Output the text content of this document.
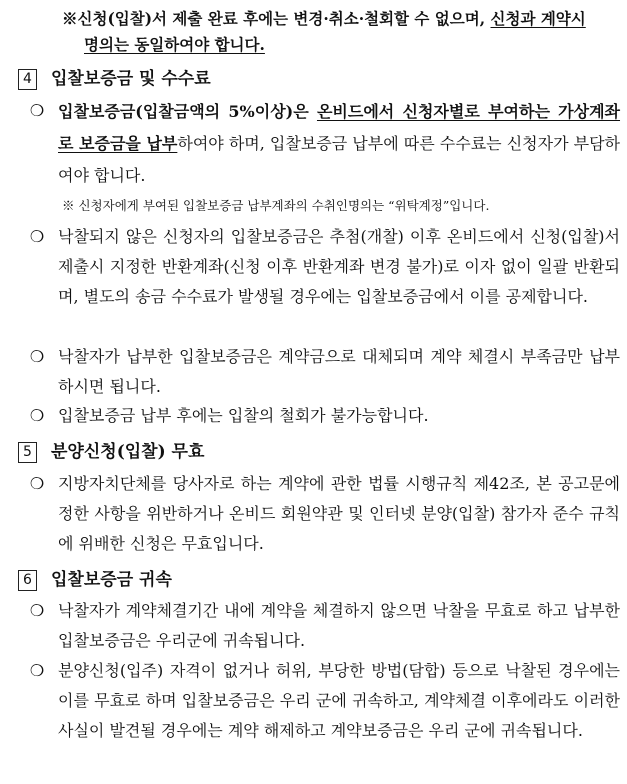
※신청(입찰)서 제출 완료 후에는 변경·취소·철회할 수 없으며, 신청과 계약시
명의는 동일하여야 합니다.
4 입찰보증금 및 수수료
❍ 입찰보증금(입찰금액의 5%이상)은 온비드에서 신청자별로 부여하는 가상계좌로 보증금을 납부하여야 하며, 입찰보증금 납부에 따른 수수료는 신청자가 부담하여야 합니다.
※ 신청자에게 부여된 입찰보증금 납부계좌의 수취인명의는 “위탁계정”입니다.
❍ 낙찰되지 않은 신청자의 입찰보증금은 추첨(개찰) 이후 온비드에서 신청(입찰)서 제출시 지정한 반환계좌(신청 이후 반환계좌 변경 불가)로 이자 없이 일괄 반환되며, 별도의 송금 수수료가 발생될 경우에는 입찰보증금에서 이를 공제합니다.
❍ 낙찰자가 납부한 입찰보증금은 계약금으로 대체되며 계약 체결시 부족금만 납부하시면 됩니다.
❍ 입찰보증금 납부 후에는 입찰의 철회가 불가능합니다.
5 분양신청(입찰) 무효
❍ 지방자치단체를 당사자로 하는 계약에 관한 법률 시행규칙 제42조, 본 공고문에 정한 사항을 위반하거나 온비드 회원약관 및 인터넷 분양(입찰) 참가자 준수 규칙에 위배한 신청은 무효입니다.
6 입찰보증금 귀속
❍ 낙찰자가 계약체결기간 내에 계약을 체결하지 않으면 낙찰을 무효로 하고 납부한 입찰보증금은 우리군에 귀속됩니다.
❍ 분양신청(입주) 자격이 없거나 허위, 부당한 방법(담합) 등으로 낙찰된 경우에는 이를 무효로 하며 입찰보증금은 우리 군에 귀속하고, 계약체결 이후에라도 이러한 사실이 발견될 경우에는 계약 해제하고 계약보증금은 우리 군에 귀속됩니다.
